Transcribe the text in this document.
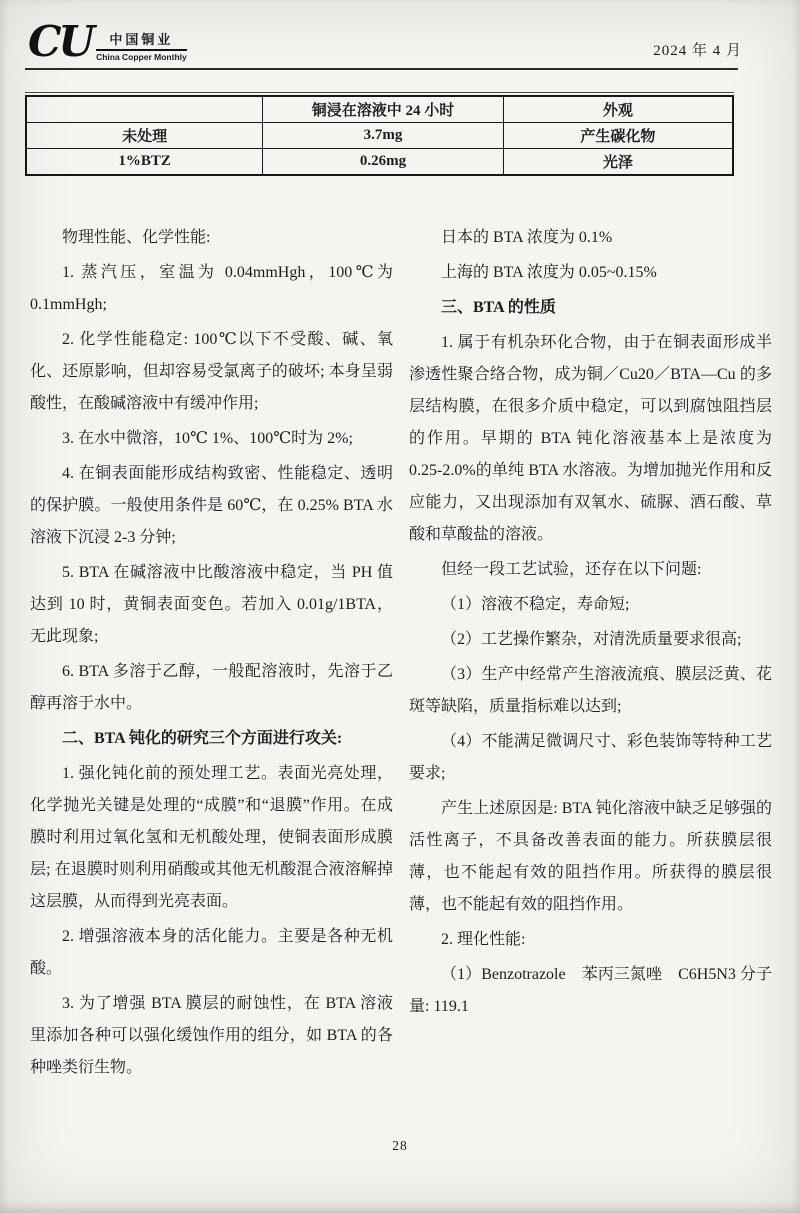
CU	中国铜业
China Copper Monthly	2024 年 4 月
	铜浸在溶液中 24 小时	外观
未处理	3.7mg	产生碳化物
1%BTZ	0.26mg	光泽

物理性能、化学性能:

1. 蒸汽压，室温为 0.04mmHgh，100℃为 0.1mmHgh;

2. 化学性能稳定: 100℃以下不受酸、碱、氧化、还原影响，但却容易受氯离子的破坏; 本身呈弱酸性，在酸碱溶液中有缓冲作用;

3. 在水中微溶，10℃ 1%、100℃时为 2%;

4. 在铜表面能形成结构致密、性能稳定、透明的保护膜。一般使用条件是 60℃，在 0.25% BTA 水溶液下沉浸 2-3 分钟;

5. BTA 在碱溶液中比酸溶液中稳定，当 PH 值达到 10 时，黄铜表面变色。若加入 0.01g/1BTA，无此现象;

6. BTA 多溶于乙醇，一般配溶液时，先溶于乙醇再溶于水中。

二、BTA 钝化的研究三个方面进行攻关:

1. 强化钝化前的预处理工艺。表面光亮处理，化学抛光关键是处理的“成膜”和“退膜”作用。在成膜时利用过氧化氢和无机酸处理，使铜表面形成膜层; 在退膜时则利用硝酸或其他无机酸混合液溶解掉这层膜，从而得到光亮表面。

2. 增强溶液本身的活化能力。主要是各种无机酸。

3. 为了增强 BTA 膜层的耐蚀性，在 BTA 溶液里添加各种可以强化缓蚀作用的组分，如 BTA 的各种唑类衍生物。

日本的 BTA 浓度为 0.1%

上海的 BTA 浓度为 0.05~0.15%

三、BTA 的性质

1. 属于有机杂环化合物，由于在铜表面形成半渗透性聚合络合物，成为铜／Cu20／BTA—Cu 的多层结构膜，在很多介质中稳定，可以到腐蚀阻挡层的作用。早期的 BTA 钝化溶液基本上是浓度为 0.25-2.0%的单纯 BTA 水溶液。为增加抛光作用和反应能力，又出现添加有双氧水、硫脲、酒石酸、草酸和草酸盐的溶液。

但经一段工艺试验，还存在以下问题:

（1）溶液不稳定，寿命短;

（2）工艺操作繁杂，对清洗质量要求很高;

（3）生产中经常产生溶液流痕、膜层泛黄、花斑等缺陷，质量指标难以达到;

（4）不能满足微调尺寸、彩色装饰等特种工艺要求;

产生上述原因是: BTA 钝化溶液中缺乏足够强的活性离子，不具备改善表面的能力。所获膜层很薄，也不能起有效的阻挡作用。所获得的膜层很薄，也不能起有效的阻挡作用。

2. 理化性能:

（1）Benzotrazole　苯丙三氮唑　C6H5N3 分子量: 119.1

28
